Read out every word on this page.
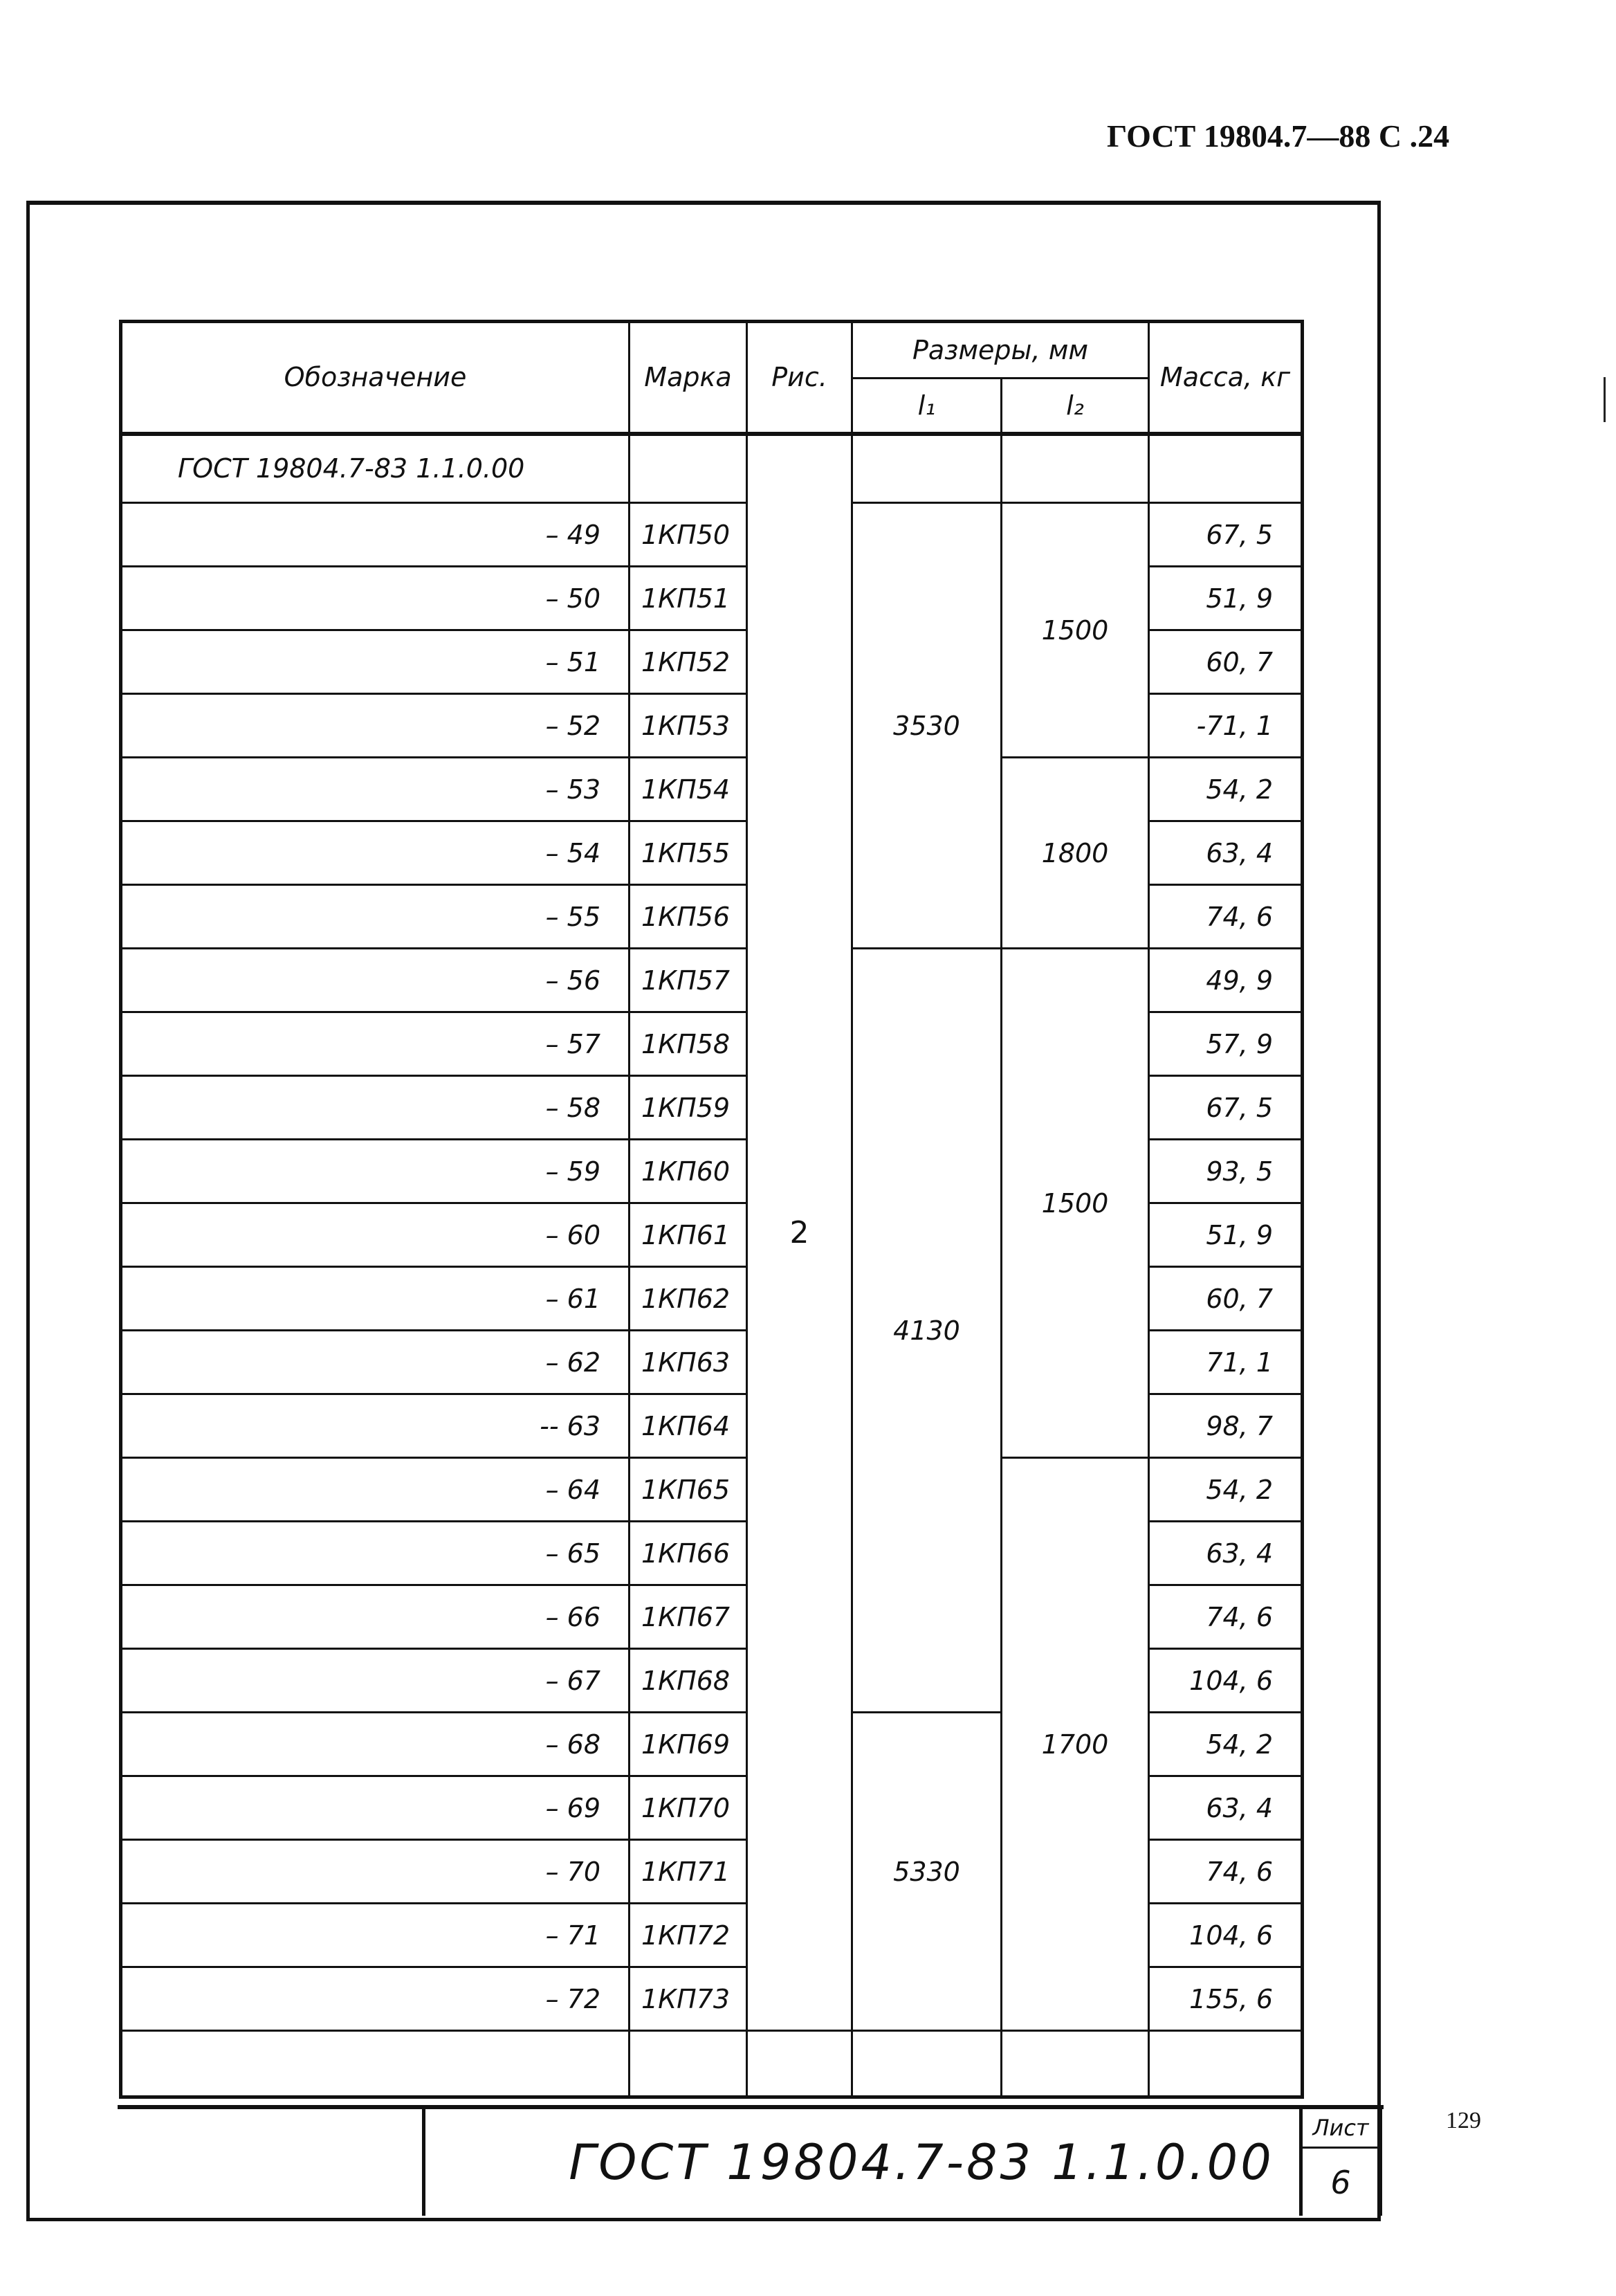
ГОСТ 19804.7—88 С .24
Обозначение	Марка	Рис.	Размеры, мм		Масса, кг
			l₁	l₂	
ГОСТ 19804.7-83 1.1.0.00		2			
– 49	1КП50		3530	1500	67, 5
– 50	1КП51				51, 9
– 51	1КП52				60, 7
– 52	1КП53				-71, 1
– 53	1КП54			1800	54, 2
– 54	1КП55				63, 4
– 55	1КП56				74, 6
– 56	1КП57		4130	1500	49, 9
– 57	1КП58				57, 9
– 58	1КП59				67, 5
– 59	1КП60				93, 5
– 60	1КП61				51, 9
– 61	1КП62				60, 7
– 62	1КП63				71, 1
-- 63	1КП64				98, 7
– 64	1КП65			1700	54, 2
– 65	1КП66				63, 4
– 66	1КП67				74, 6
– 67	1КП68				104, 6
– 68	1КП69		5330		54, 2
– 69	1КП70				63, 4
– 70	1КП71				74, 6
– 71	1КП72				104, 6
– 72	1КП73				155, 6

ГОСТ 19804.7-83 1.1.0.00
Лист
6
129
